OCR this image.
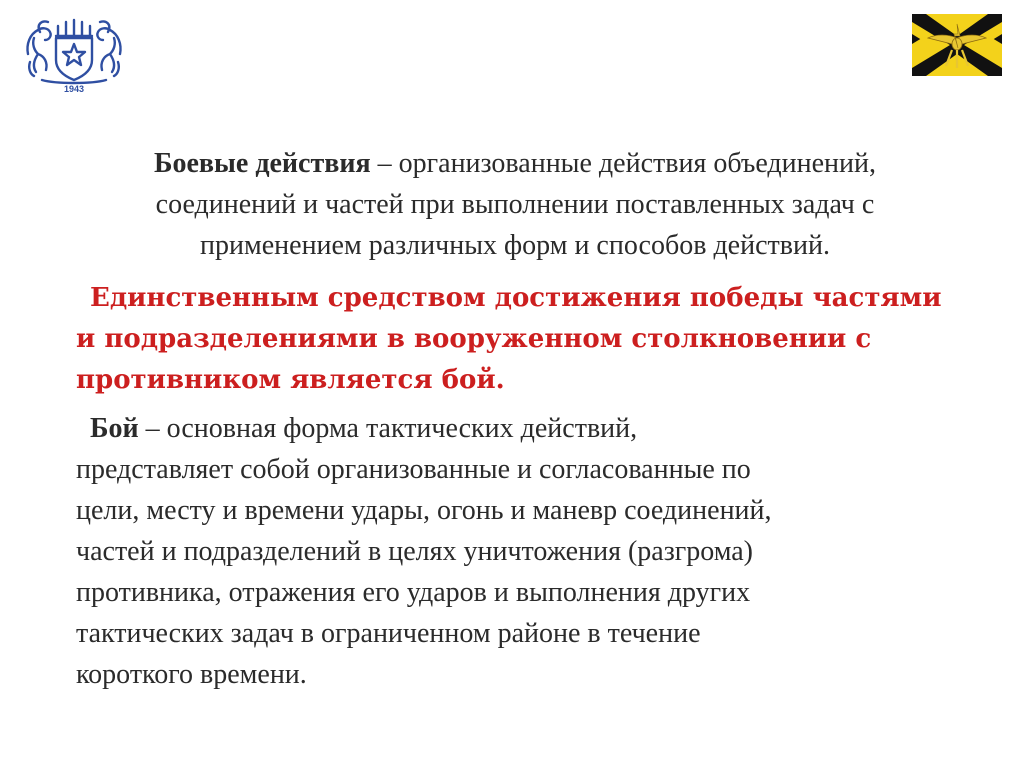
1943
Боевые действия – организованные действия объединений,
соединений и частей при выполнении поставленных задач с
применением различных форм и способов действий.
Единственным средством достижения победы частями
и подразделениями в вооруженном столкновении с
противником является бой.
Бой – основная форма тактических действий,
представляет собой организованные и согласованные по
цели, месту и времени удары, огонь и маневр соединений,
частей и подразделений в целях уничтожения (разгрома)
противника, отражения его ударов и выполнения других
тактических задач в ограниченном районе в течение
короткого времени.
